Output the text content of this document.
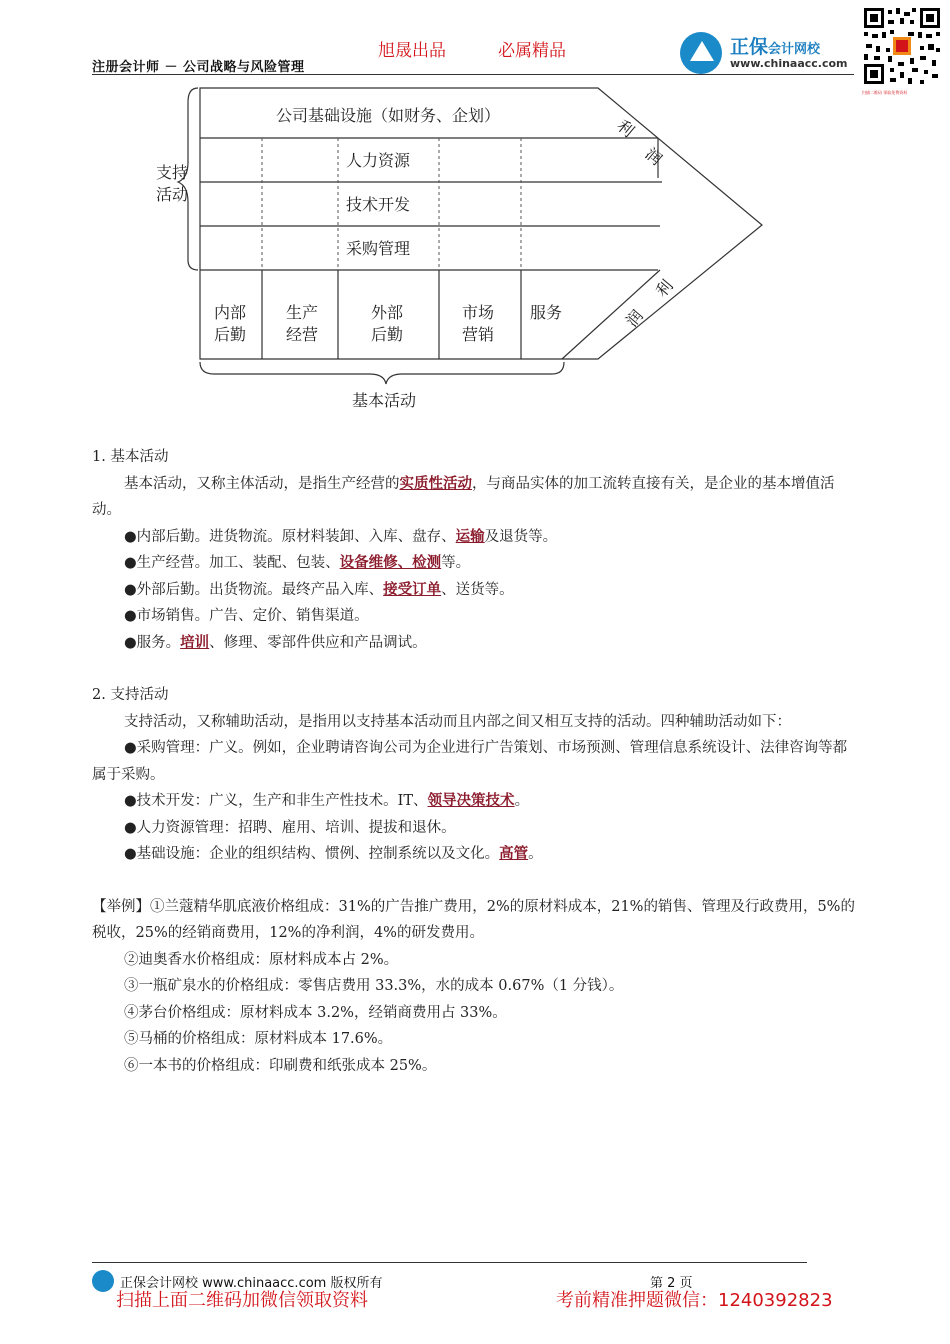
旭晟出品	必属精品
注册会计师 － 公司战略与风险管理
正保会计网校
www.chinaacc.com
扫描二维码 领取免费资料
支持
活动
公司基础设施（如财务、企划）
人力资源
技术开发
采购管理
内部
后勤
生产
经营
外部
后勤
市场
营销
服务
利
润
利
润
基本活动

1. 基本活动

基本活动，又称主体活动，是指生产经营的实质性活动，与商品实体的加工流转直接有关，是企业的基本增值活动。

●内部后勤。进货物流。原材料装卸、入库、盘存、运输及退货等。

●生产经营。加工、装配、包装、设备维修、检测等。

●外部后勤。出货物流。最终产品入库、接受订单、送货等。

●市场销售。广告、定价、销售渠道。

●服务。培训、修理、零部件供应和产品调试。

2. 支持活动

支持活动，又称辅助活动，是指用以支持基本活动而且内部之间又相互支持的活动。四种辅助活动如下：

●采购管理：广义。例如，企业聘请咨询公司为企业进行广告策划、市场预测、管理信息系统设计、法律咨询等都属于采购。

●技术开发：广义，生产和非生产性技术。IT、领导决策技术。

●人力资源管理：招聘、雇用、培训、提拔和退休。

●基础设施：企业的组织结构、惯例、控制系统以及文化。高管。

【举例】①兰蔻精华肌底液价格组成：31%的广告推广费用，2%的原材料成本，21%的销售、管理及行政费用，5%的税收，25%的经销商费用，12%的净利润，4%的研发费用。

②迪奥香水价格组成：原材料成本占 2%。

③一瓶矿泉水的价格组成：零售店费用 33.3%，水的成本 0.67%（1 分钱）。

④茅台价格组成：原材料成本 3.2%，经销商费用占 33%。

⑤马桶的价格组成：原材料成本 17.6%。

⑥一本书的价格组成：印刷费和纸张成本 25%。

正保会计网校 www.chinaacc.com 版权所有	第 2 页
扫描上面二维码加微信领取资料	考前精准押题微信：1240392823
